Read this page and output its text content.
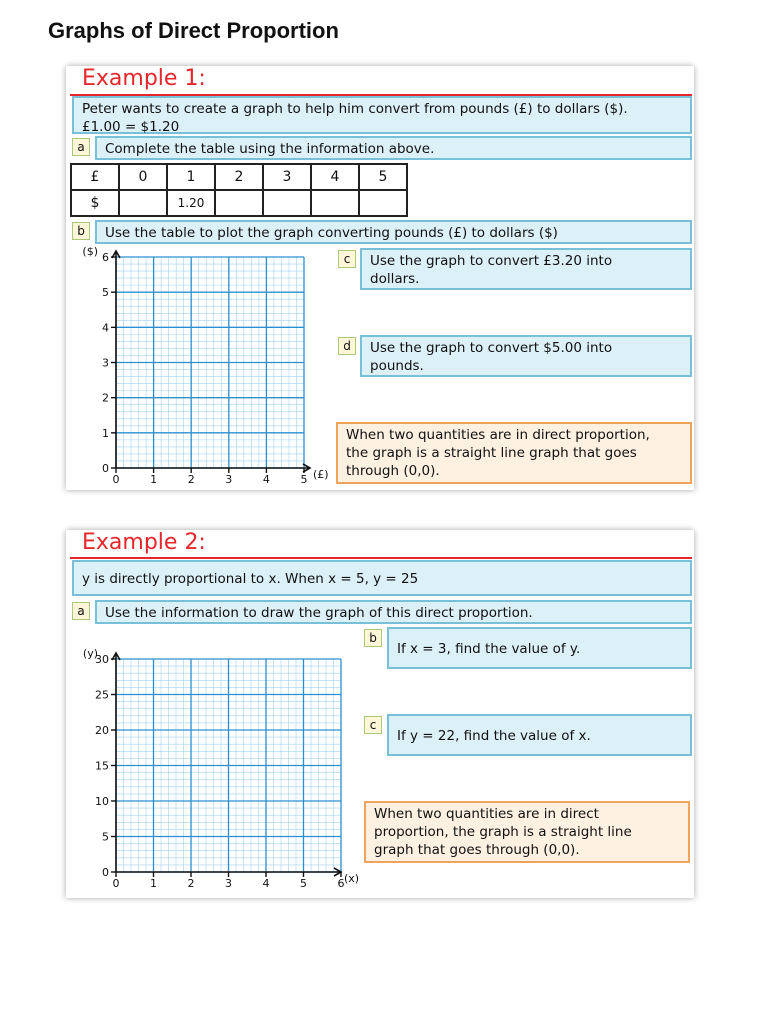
Graphs of Direct Proportion
Example 1:
Peter wants to create a graph to help him convert from pounds (£) to dollars ($).
£1.00 = $1.20
a	Complete the table using the information above.
£	0	1	2	3	4	5
$		1.20				
b	Use the table to plot the graph converting pounds (£) to dollars ($)
c	Use the graph to convert £3.20 into
dollars.
d	Use the graph to convert $5.00 into
pounds.
When two quantities are in direct proportion,
the graph is a straight line graph that goes
through (0,0).
0
1
2
3
4
5
6
0	1	2	3	4	5
($)
(£)
Example 2:
y is directly proportional to x. When x = 5, y = 25
a	Use the information to draw the graph of this direct proportion.
b
If x = 3, find the value of y.
c
If y = 22, find the value of x.
When two quantities are in direct
proportion, the graph is a straight line
graph that goes through (0,0).
0
5
10
15
20
25
30
0	1	2	3	4	5	6
(y)
(x)
